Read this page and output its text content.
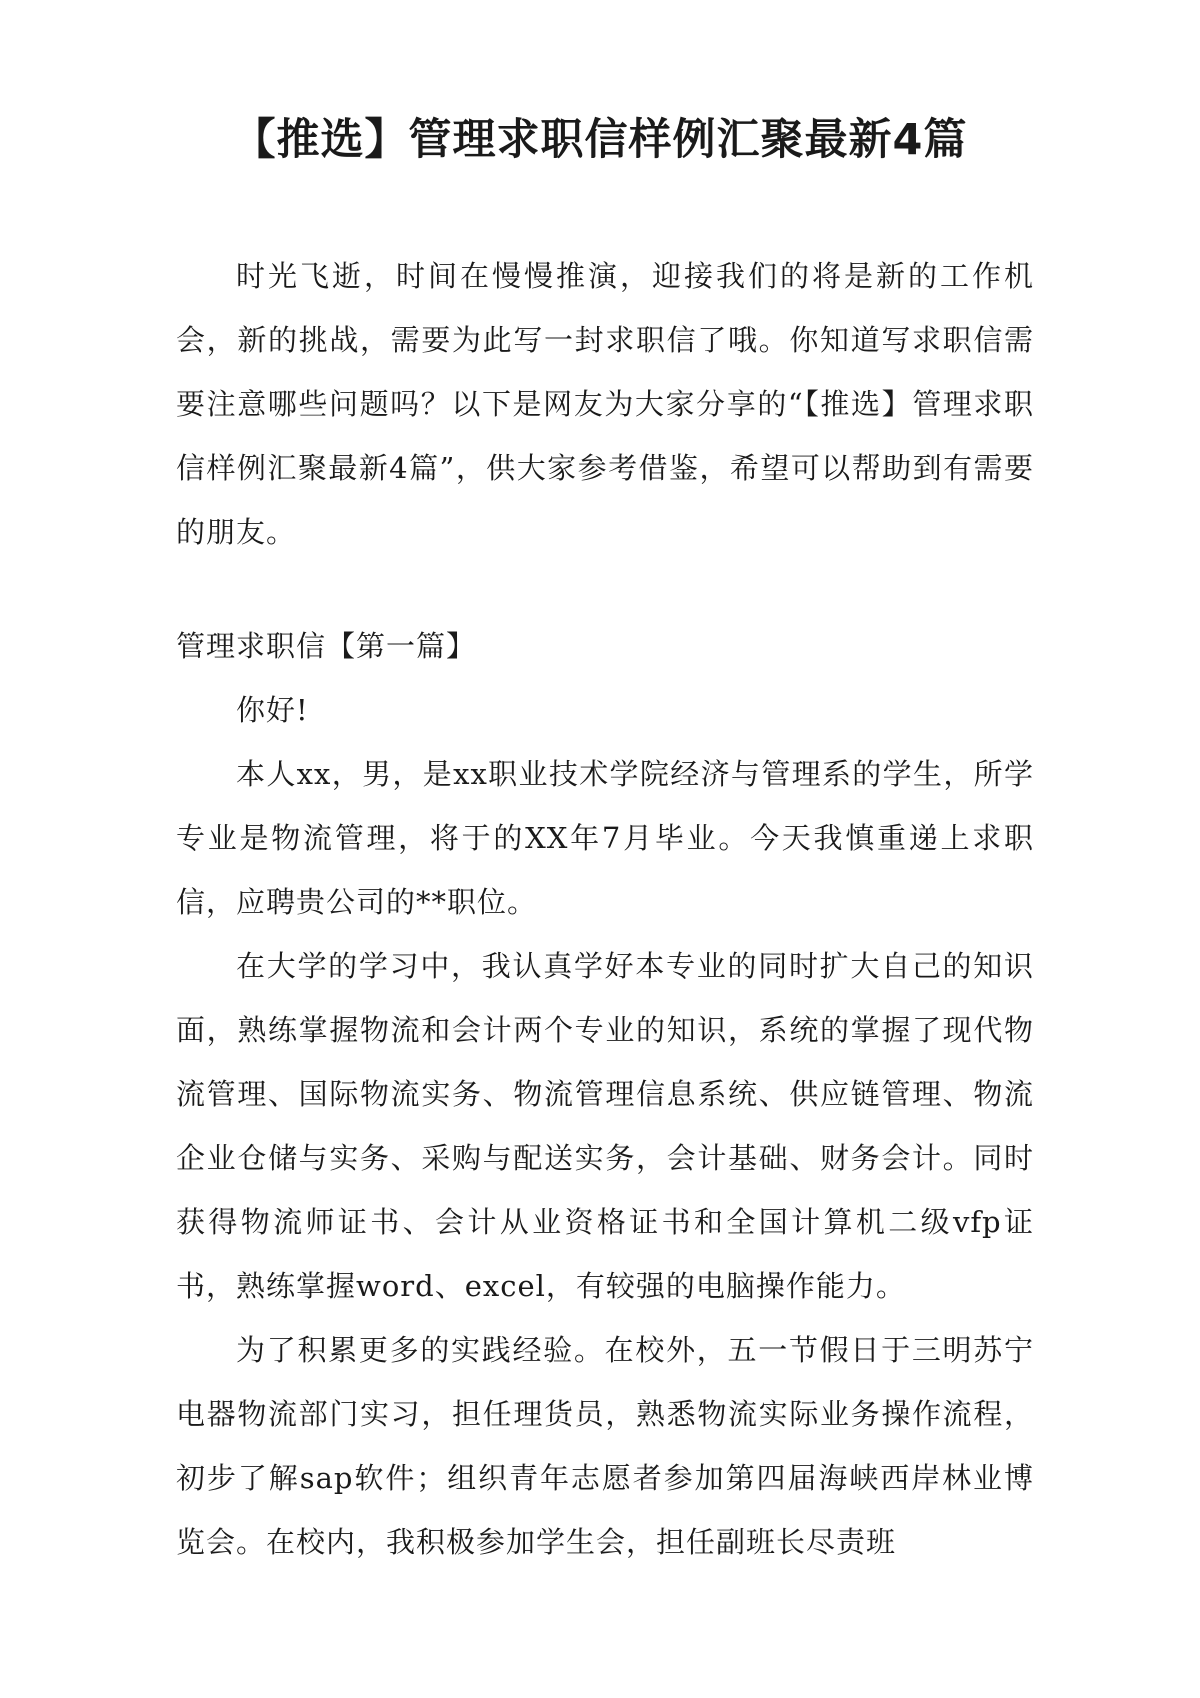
【推选】管理求职信样例汇聚最新4篇

时光飞逝，时间在慢慢推演，迎接我们的将是新的工作机会，新的挑战，需要为此写一封求职信了哦。你知道写求职信需要注意哪些问题吗？以下是网友为大家分享的“【推选】管理求职信样例汇聚最新4篇”，供大家参考借鉴，希望可以帮助到有需要的朋友。

管理求职信【第一篇】

你好!

本人xx，男，是xx职业技术学院经济与管理系的学生，所学专业是物流管理，将于的XX年7月毕业。今天我慎重递上求职信，应聘贵公司的**职位。

在大学的学习中，我认真学好本专业的同时扩大自己的知识面，熟练掌握物流和会计两个专业的知识，系统的掌握了现代物流管理、国际物流实务、物流管理信息系统、供应链管理、物流企业仓储与实务、采购与配送实务，会计基础、财务会计。同时获得物流师证书、会计从业资格证书和全国计算机二级vfp证书，熟练掌握word、excel，有较强的电脑操作能力。

为了积累更多的实践经验。在校外，五一节假日于三明苏宁电器物流部门实习，担任理货员，熟悉物流实际业务操作流程，初步了解sap软件；组织青年志愿者参加第四届海峡西岸林业博览会。在校内，我积极参加学生会，担任副班长尽责班
